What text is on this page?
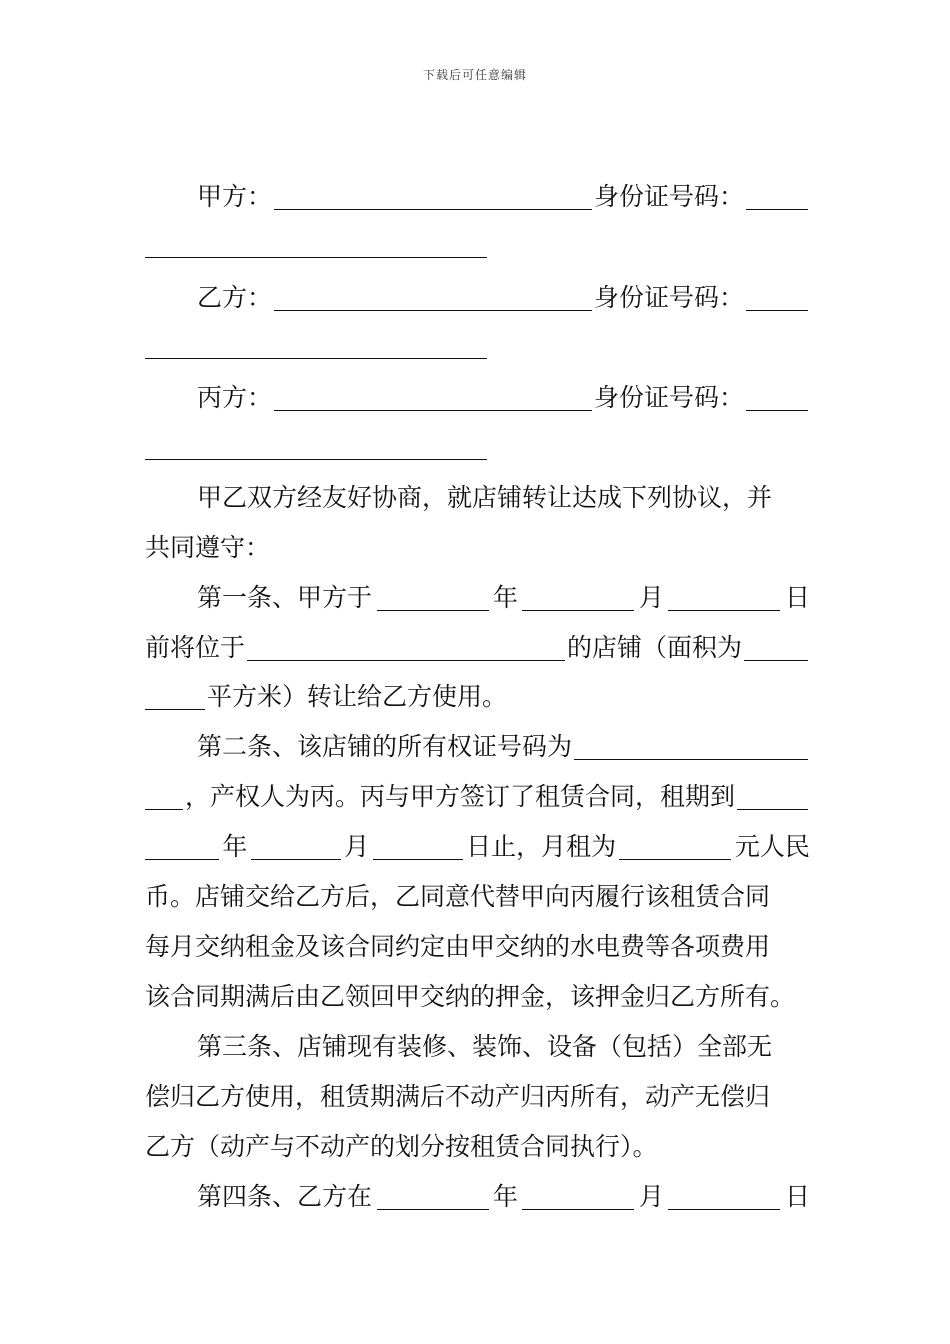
下载后可任意编辑
甲方：	身份证号码：
乙方：	身份证号码：
丙方：	身份证号码：
甲乙双方经友好协商，就店铺转让达成下列协议，并
共同遵守：
第一条、甲方于	年	月	日
前将位于	的店铺（面积为
平方米）转让给乙方使用。
第二条、该店铺的所有权证号码为
，产权人为丙。丙与甲方签订了租赁合同，租期到
年	月	日止，月租为	元人民
币。店铺交给乙方后，乙同意代替甲向丙履行该租赁合同
每月交纳租金及该合同约定由甲交纳的水电费等各项费用
该合同期满后由乙领回甲交纳的押金，该押金归乙方所有。
第三条、店铺现有装修、装饰、设备（包括）全部无
偿归乙方使用，租赁期满后不动产归丙所有，动产无偿归
乙方（动产与不动产的划分按租赁合同执行）。
第四条、乙方在	年	月	日
